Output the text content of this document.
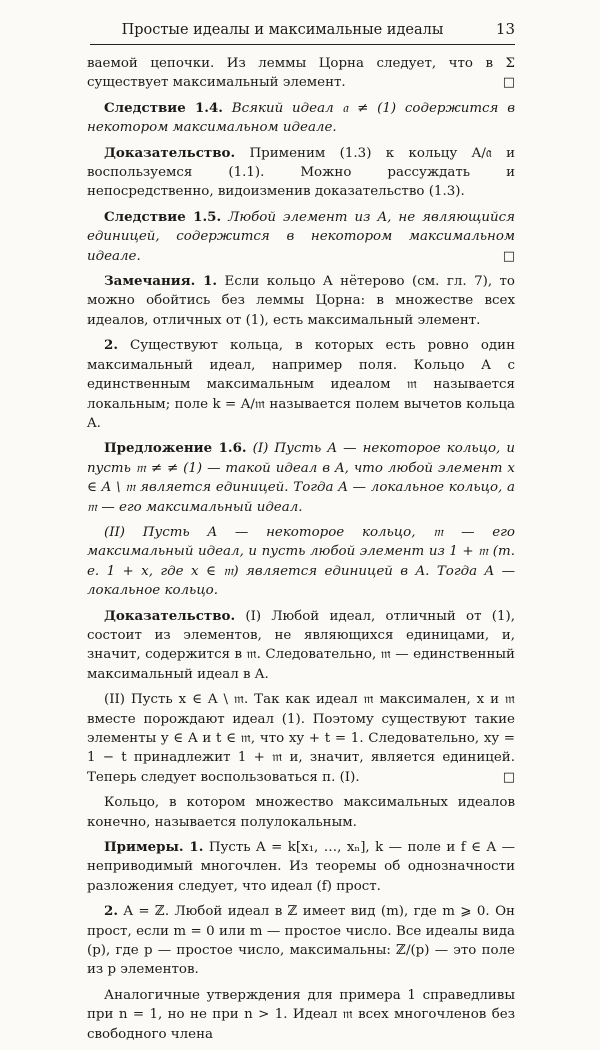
Простые идеалы и максимальные идеалы	13

ваемой цепочки. Из леммы Цорна следует, что в Σ существует максимальный элемент.	□

Следствие 1.4. Всякий идеал 𝔞 ≠ (1) содержится в некотором максимальном идеале.

Доказательство. Применим (1.3) к кольцу A/𝔞 и воспользуемся (1.1). Можно рассуждать и непосредственно, видоизменив доказательство (1.3).

Следствие 1.5. Любой элемент из A, не являющийся единицей, содержится в некотором максимальном идеале.	□

Замечания. 1. Если кольцо A нётерово (см. гл. 7), то можно обойтись без леммы Цорна: в множестве всех идеалов, отличных от (1), есть максимальный элемент.

2. Существуют кольца, в которых есть ровно один максимальный идеал, например поля. Кольцо A с единственным максимальным идеалом 𝔪 называется локальным; поле k = A/𝔪 называется полем вычетов кольца A.

Предложение 1.6. (I) Пусть A — некоторое кольцо, и пусть 𝔪 ≠ ≠ (1) — такой идеал в A, что любой элемент x ∈ A \ 𝔪 является единицей. Тогда A — локальное кольцо, а 𝔪 — его максимальный идеал.

(II) Пусть A — некоторое кольцо, 𝔪 — его максимальный идеал, и пусть любой элемент из 1 + 𝔪 (т. е. 1 + x, где x ∈ 𝔪) является единицей в A. Тогда A — локальное кольцо.

Доказательство. (I) Любой идеал, отличный от (1), состоит из элементов, не являющихся единицами, и, значит, содержится в 𝔪. Следовательно, 𝔪 — единственный максимальный идеал в A.

(II) Пусть x ∈ A \ 𝔪. Так как идеал 𝔪 максимален, x и 𝔪 вместе порождают идеал (1). Поэтому существуют такие элементы y ∈ A и t ∈ 𝔪, что xy + t = 1. Следовательно, xy = 1 − t принадлежит 1 + 𝔪 и, значит, является единицей. Теперь следует воспользоваться п. (I).	□

Кольцо, в котором множество максимальных идеалов конечно, называется полулокальным.

Примеры. 1. Пусть A = k[x₁, …, xₙ], k — поле и f ∈ A — неприводимый многочлен. Из теоремы об однозначности разложения следует, что идеал (f) прост.

2. A = ℤ. Любой идеал в ℤ имеет вид (m), где m ⩾ 0. Он прост, если m = 0 или m — простое число. Все идеалы вида (p), где p — простое число, максимальны: ℤ/(p) — это поле из p элементов.

Аналогичные утверждения для примера 1 справедливы при n = 1, но не при n > 1. Идеал 𝔪 всех многочленов без свободного члена
